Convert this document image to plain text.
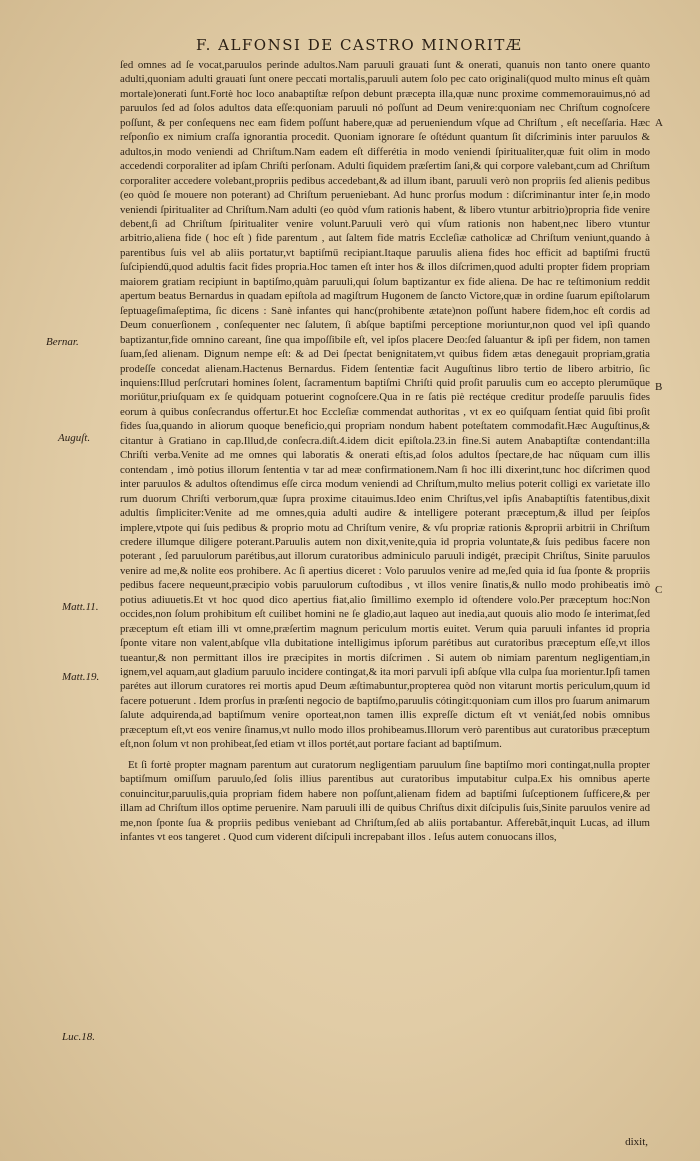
F. ALFONSI DE CASTRO MINORITÆ

ſed omnes ad ſe vocat,paruulos perinde adultos.Nam paruuli grauati ſunt & onerati, quanuis non tanto onere quanto adulti,quoniam adulti grauati ſunt onere peccati mortalis,paruuli autem ſolo pec cato originali(quod multo minus eſt quàm mortale)onerati ſunt.Fortè hoc loco anabaptiſtæ reſpon debunt præcepta illa,quæ nunc proxime commemorauimus,nó ad paruulos ſed ad ſolos adultos data eſſe:quoniam paruuli nó poſſunt ad Deum venire:quoniam nec Chriſtum cognoſcere poſſunt, & per conſequens nec eam fidem poſſunt habere,quæ ad perueniendum vſque ad Chriſtum , eſt neceſſaria. Hæc reſponſio ex nimium craſſa ignorantia procedit. Quoniam ignorare ſe oſtédunt quantum ſit diſcriminis inter paruulos & adultos,in modo veniendi ad Chriſtum.Nam eadem eſt differétia in modo veniendi ſpiritualiter,quæ fuit olim in modo accedendi corporaliter ad ipſam Chriſti perſonam. Adulti ſiquidem præſertim ſani,& qui corpore valebant,cum ad Chriſtum corporaliter accedere volebant,propriis pedibus accedebant,& ad illum ibant, paruuli verò non propriis ſed alienis pedibus (eo quòd ſe mouere non poterant) ad Chriſtum perueniebant. Ad hunc prorſus modum : diſcriminantur inter ſe,in modo veniendi ſpiritualiter ad Chriſtum.Nam adulti (eo quòd vſum rationis habent, & libero vtuntur arbitrio)propria fide venire debent,ſi ad Chriſtum ſpiritualiter venire volunt.Paruuli verò qui vſum rationis non habent,nec libero vtuntur arbitrio,aliena fide ( hoc eſt ) fide parentum , aut ſaltem fide matris Eccleſiæ catholicæ ad Chriſtum veniunt,quando à parentibus ſuis vel ab aliis portatur,vt baptiſmű recipiant.Itaque paruulis aliena fides hoc efficit ad baptiſmi fructű ſuſcipiendű,quod adultis facit fides propria.Hoc tamen eſt inter hos & illos diſcrimen,quod adulti propter fidem propriam maiorem gratiam recipiunt in baptiſmo,quàm paruuli,qui ſolum baptizantur ex fide aliena. De hac re teſtimonium reddit apertum beatus Bernardus in quadam epiſtola ad magiſtrum Hugonem de ſancto Victore,quæ in ordine ſuarum epiſtolarum ſeptuageſimaſeptima, ſic dicens : Sanè infantes qui hanc(prohibente ætate)non poſſunt habere fidem,hoc eſt cordis ad Deum conuerſionem , conſequenter nec ſalutem, ſi abſque baptiſmi perceptione moriuntur,non quod vel ipſi quando baptizantur,fide omnino careant, ſine qua impoſſibile eſt, vel ipſos placere Deo:ſed ſaluantur & ipſi per fidem, non tamen ſuam,ſed alienam. Dignum nempe eſt: & ad Dei ſpectat benignitatem,vt quibus fidem ætas denegauit propriam,gratia prodeſſe concedat alienam.Hactenus Bernardus. Fidem ſententiæ facit Auguſtinus libro tertio de libero arbitrio, ſic inquiens:Illud perſcrutari homines ſolent, ſacramentum baptiſmi Chriſti quid proſit paruulis cum eo accepto pleruműque moriűtur,priuſquam ex ſe quidquam potuerint cognoſcere.Qua in re ſatis piè rectéque creditur prodeſſe paruulis fides eorum à quibus conſecrandus offertur.Et hoc Eccleſiæ commendat authoritas , vt ex eo quiſquam ſentiat quid ſibi proſit fides ſua,quando in aliorum quoque beneficio,qui propriam nondum habent poteſtatem commodafit.Hæc Auguſtinus,& citantur à Gratiano in cap.Illud,de conſecra.diſt.4.idem dicit epiſtola.23.in fine.Si autem Anabaptiſtæ contendant:illa Chriſti verba.Venite ad me omnes qui laboratis & onerati eſtis,ad ſolos adultos ſpectare,de hac nűquam cum illis contendam , imò potius illorum ſententia v tar ad meæ confirmationem.Nam ſi hoc illi dixerint,tunc hoc diſcrimen quod inter paruulos & adultos oſtendimus eſſe circa modum veniendi ad Chriſtum,multo melius poterit colligi ex varietate illo rum duorum Chriſti verborum,quæ ſupra proxime citauimus.Ideo enim Chriſtus,vel ipſis Anabaptiſtis fatentibus,dixit adultis ſimpliciter:Venite ad me omnes,quia adulti audire & intelligere poterant præceptum,& illud per ſeipſos implere,vtpote qui ſuis pedibus & proprio motu ad Chriſtum venire, & vſu propriæ rationis &proprii arbitrii in Chriſtum credere illumque diligere poterant.Paruulis autem non dixit,venite,quia id propria voluntate,& ſuis pedibus facere non poterant , ſed paruulorum parétibus,aut illorum curatoribus adminiculo paruuli indigét, præcipit Chriſtus, Sinite paruulos venire ad me,& nolite eos prohibere. Ac ſi apertius diceret : Volo paruulos venire ad me,ſed quia id ſua ſponte & propriis pedibus facere nequeunt,præcipio vobis paruulorum cuſtodibus , vt illos venire ſinatis,& nullo modo prohibeatis imò potius adiuuetis.Et vt hoc quod dico apertius fiat,alio ſimillimo exemplo id oſtendere volo.Per præceptum hoc:Non occides,non ſolum prohibitum eſt cuilibet homini ne ſe gladio,aut laqueo aut inedia,aut quouis alio modo ſe interimat,ſed præceptum eſt etiam illi vt omne,præſertim magnum periculum mortis euitet. Verum quia paruuli infantes id propria ſponte vitare non valent,abſque vlla dubitatione intelligimus ipſorum parétibus aut curatoribus præceptum eſſe,vt illos tueantur,& non permittant illos ire præcipites in mortis diſcrimen . Si autem ob nimiam parentum negligentiam,in ignem,vel aquam,aut gladium paruulo incidere contingat,& ita mori parvuli ipſi abſque vlla culpa ſua morientur.Ipſi tamen parétes aut illorum curatores rei mortis apud Deum æſtimabuntur,propterea quòd non vitarunt mortis periculum,quum id facere potuerunt . Idem prorſus in præſenti negocio de baptiſmo,paruulis cótingit:quoniam cum illos pro ſuarum animarum ſalute adquirenda,ad baptiſmum venire oporteat,non tamen illis expreſſe dictum eſt vt veniát,ſed nobis omnibus præceptum eſt,vt eos venire ſinamus,vt nullo modo illos prohibeamus.Illorum verò parentibus aut curatoribus præceptum eſt,non ſolum vt non prohibeat,ſed etiam vt illos portét,aut portare faciant ad baptiſmum.

Et ſi fortè propter magnam parentum aut curatorum negligentiam paruulum ſine baptiſmo mori contingat,nulla propter baptiſmum omiſſum paruulo,ſed ſolis illius parentibus aut curatoribus imputabitur culpa.Ex his omnibus aperte conuincitur,paruulis,quia propriam fidem habere non poſſunt,alienam fidem ad baptiſmi ſuſceptionem ſufficere,& per illam ad Chriſtum illos optime peruenire. Nam paruuli illi de quibus Chriſtus dixit diſcipulis ſuis,Sinite paruulos venire ad me,non ſponte ſua & propriis pedibus veniebant ad Chriſtum,ſed ab aliis portabantur. Afferebãt,inquit Lucas, ad illum infantes vt eos tangeret . Quod cum viderent diſcipuli increpabant illos . Ieſus autem conuocans illos,

Bernar.
Auguſt.
Matt.11.
Matt.19.
Luc.18.
A
B
C
dixit,
